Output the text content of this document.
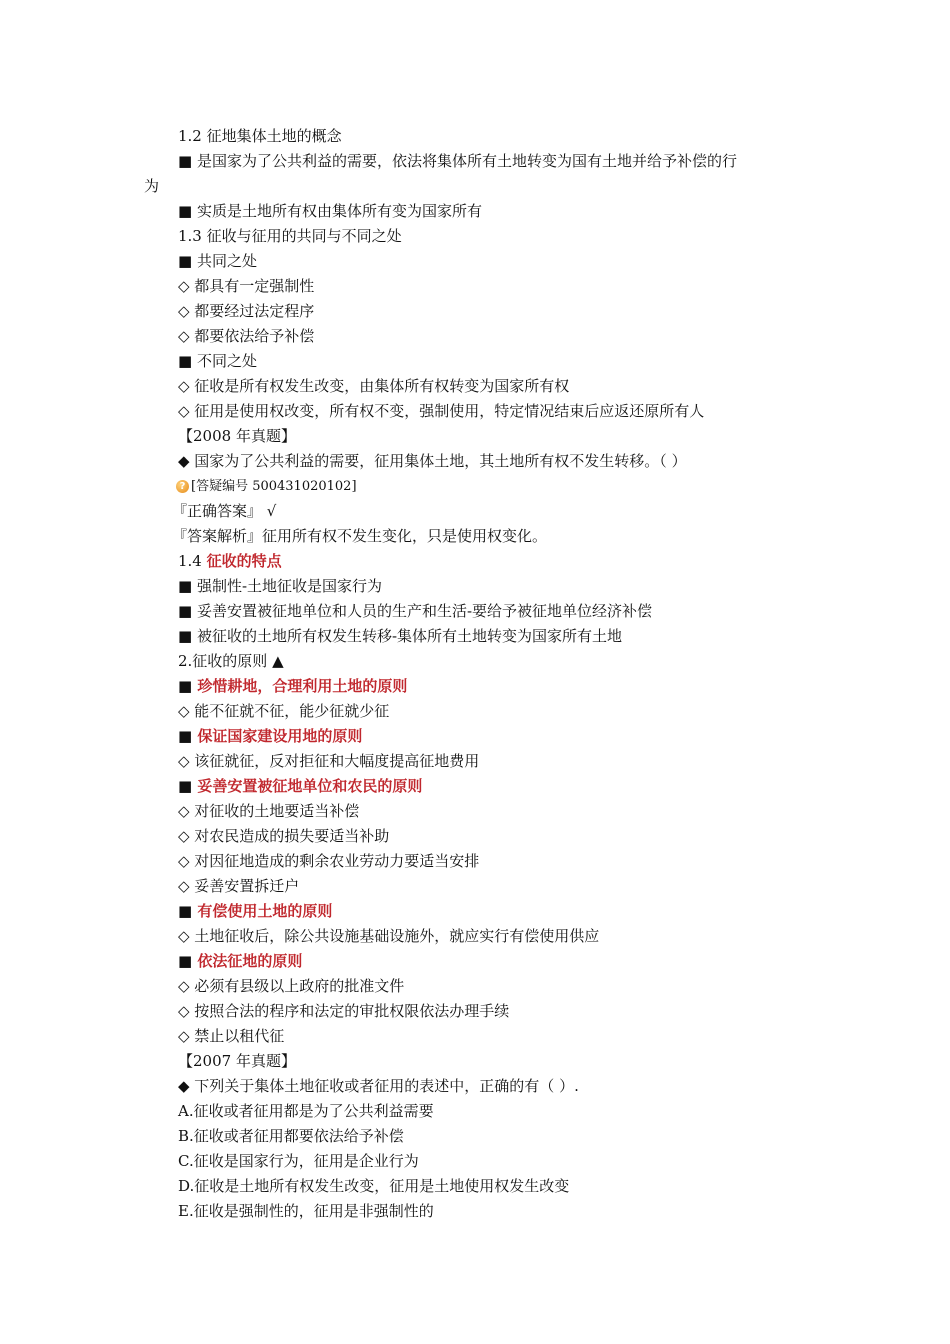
1.2 征地集体土地的概念
■ 是国家为了公共利益的需要，依法将集体所有土地转变为国有土地并给予补偿的行

为
■ 实质是土地所有权由集体所有变为国家所有
1.3 征收与征用的共同与不同之处
■ 共同之处
◇ 都具有一定强制性
◇ 都要经过法定程序
◇ 都要依法给予补偿
■ 不同之处
◇ 征收是所有权发生改变，由集体所有权转变为国家所有权
◇ 征用是使用权改变，所有权不变，强制使用，特定情况结束后应返还原所有人
【2008 年真题】
◆ 国家为了公共利益的需要，征用集体土地，其土地所有权不发生转移。（ ）
? [答疑编号 500431020102]
『正确答案』 √
『答案解析』征用所有权不发生变化，只是使用权变化。
1.4 征收的特点
■ 强制性-土地征收是国家行为
■ 妥善安置被征地单位和人员的生产和生活-要给予被征地单位经济补偿
■ 被征收的土地所有权发生转移-集体所有土地转变为国家所有土地
2.征收的原则 ▲
■ 珍惜耕地，合理利用土地的原则
◇ 能不征就不征，能少征就少征
■ 保证国家建设用地的原则
◇ 该征就征，反对拒征和大幅度提高征地费用
■ 妥善安置被征地单位和农民的原则
◇ 对征收的土地要适当补偿
◇ 对农民造成的损失要适当补助
◇ 对因征地造成的剩余农业劳动力要适当安排
◇ 妥善安置拆迁户
■ 有偿使用土地的原则
◇ 土地征收后，除公共设施基础设施外，就应实行有偿使用供应
■ 依法征地的原则
◇ 必须有县级以上政府的批准文件
◇ 按照合法的程序和法定的审批权限依法办理手续
◇ 禁止以租代征
【2007 年真题】
◆ 下列关于集体土地征收或者征用的表述中，正确的有（ ）.
A.征收或者征用都是为了公共利益需要
B.征收或者征用都要依法给予补偿
C.征收是国家行为，征用是企业行为
D.征收是土地所有权发生改变，征用是土地使用权发生改变
E.征收是强制性的，征用是非强制性的
